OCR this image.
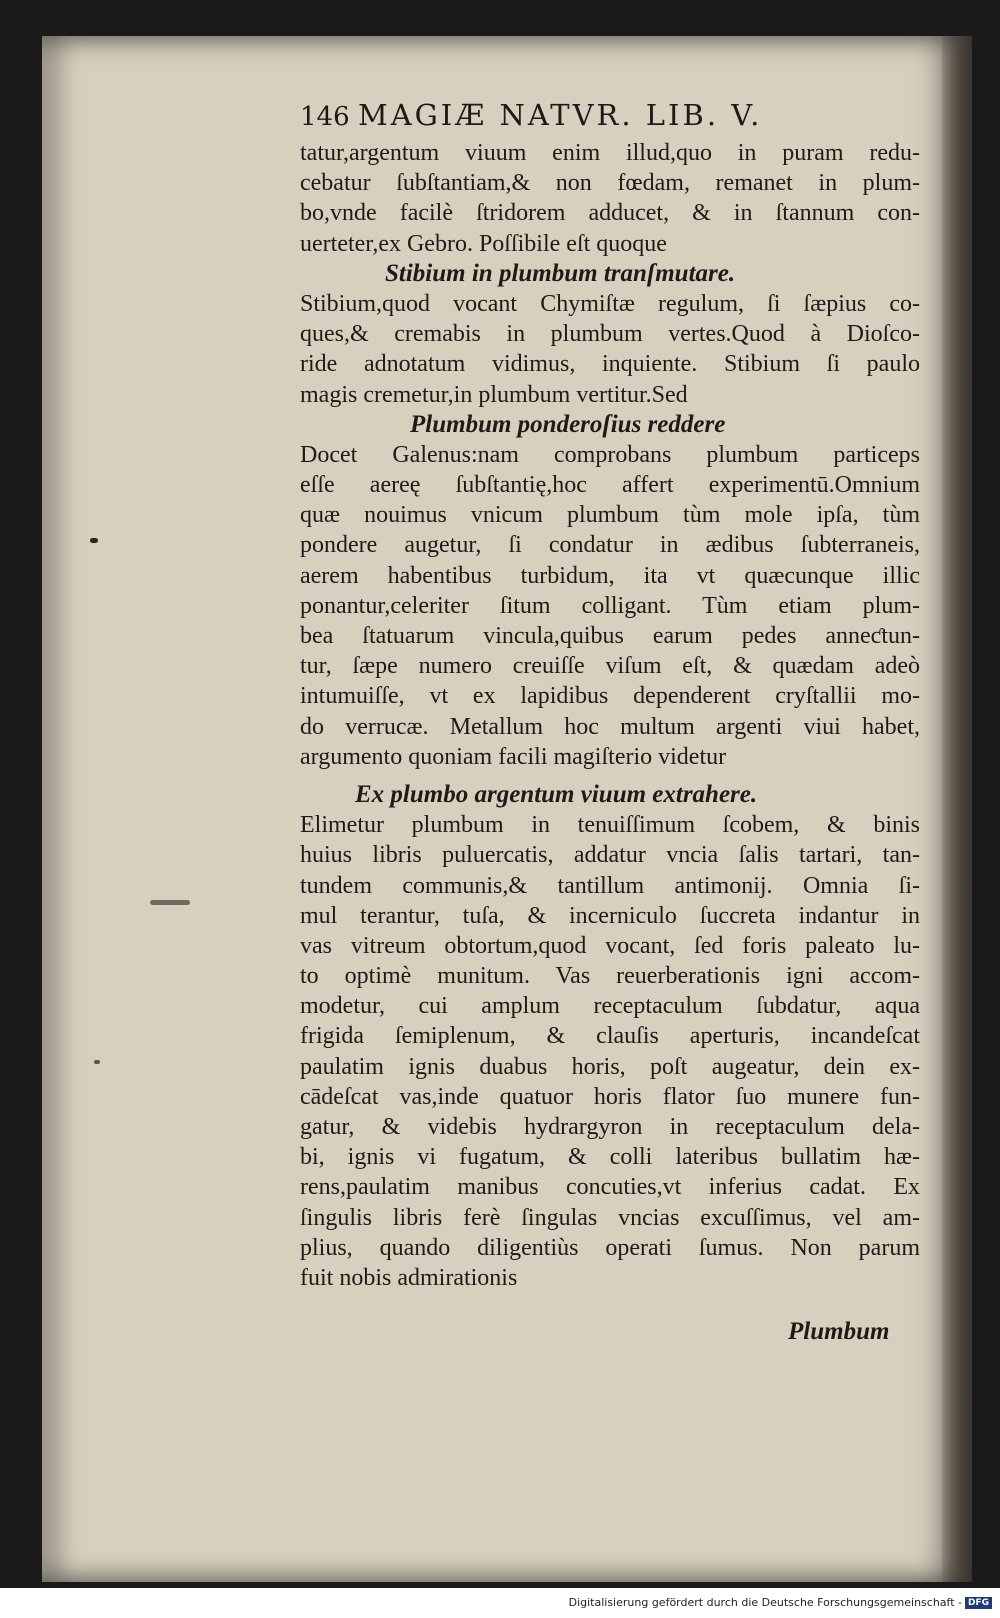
146 MAGIÆ NATVR. LIB. V.
tatur,argentum viuum enim illud,quo in puram redu-
cebatur ſubſtantiam,& non fœdam, remanet in plum-
bo,vnde facilè ſtridorem adducet, & in ſtannum con-
uerteter,ex Gebro. Poſſibile eſt quoque
Stibium in plumbum tranſmutare.
Stibium,quod vocant Chymiſtæ regulum, ſi ſæpius co-
ques,& cremabis in plumbum vertes.Quod à Dioſco-
ride adnotatum vidimus, inquiente. Stibium ſi paulo
magis cremetur,in plumbum vertitur.Sed
Plumbum ponderoſius reddere
Docet Galenus:nam comprobans plumbum particeps
eſſe aereę ſubſtantię,hoc affert experimentū.Omnium
quæ nouimus vnicum plumbum tùm mole ipſa, tùm
pondere augetur, ſi condatur in ædibus ſubterraneis,
aerem habentibus turbidum, ita vt quæcunque illic
ponantur,celeriter ſitum colligant. Tùm etiam plum-
bea ſtatuarum vincula,quibus earum pedes anneƈtun-
tur, ſæpe numero creuiſſe viſum eſt, & quædam adeò
intumuiſſe, vt ex lapidibus dependerent cryſtallii mo-
do verrucæ. Metallum hoc multum argenti viui habet,
argumento quoniam facili magiſterio videtur
Ex plumbo argentum viuum extrahere.
Elimetur plumbum in tenuiſſimum ſcobem, & binis
huius libris puluercatis, addatur vncia ſalis tartari, tan-
tundem communis,& tantillum antimonij. Omnia ſi-
mul terantur, tuſa, & incerniculo ſuccreta indantur in
vas vitreum obtortum,quod vocant, ſed foris paleato lu-
to optimè munitum. Vas reuerberationis igni accom-
modetur, cui amplum receptaculum ſubdatur, aqua
frigida ſemiplenum, & clauſis aperturis, incandeſcat
paulatim ignis duabus horis, poſt augeatur, dein ex-
cādeſcat vas,inde quatuor horis flator ſuo munere fun-
gatur, & videbis hydrargyron in receptaculum dela-
bi, ignis vi fugatum, & colli lateribus bullatim hæ-
rens,paulatim manibus concuties,vt inferius cadat. Ex
ſingulis libris ferè ſingulas vncias excuſſimus, vel am-
plius, quando diligentiùs operati ſumus. Non parum
fuit nobis admirationis
Plumbum
Digitalisierung gefördert durch die Deutsche Forschungsgemeinschaft - DFG
